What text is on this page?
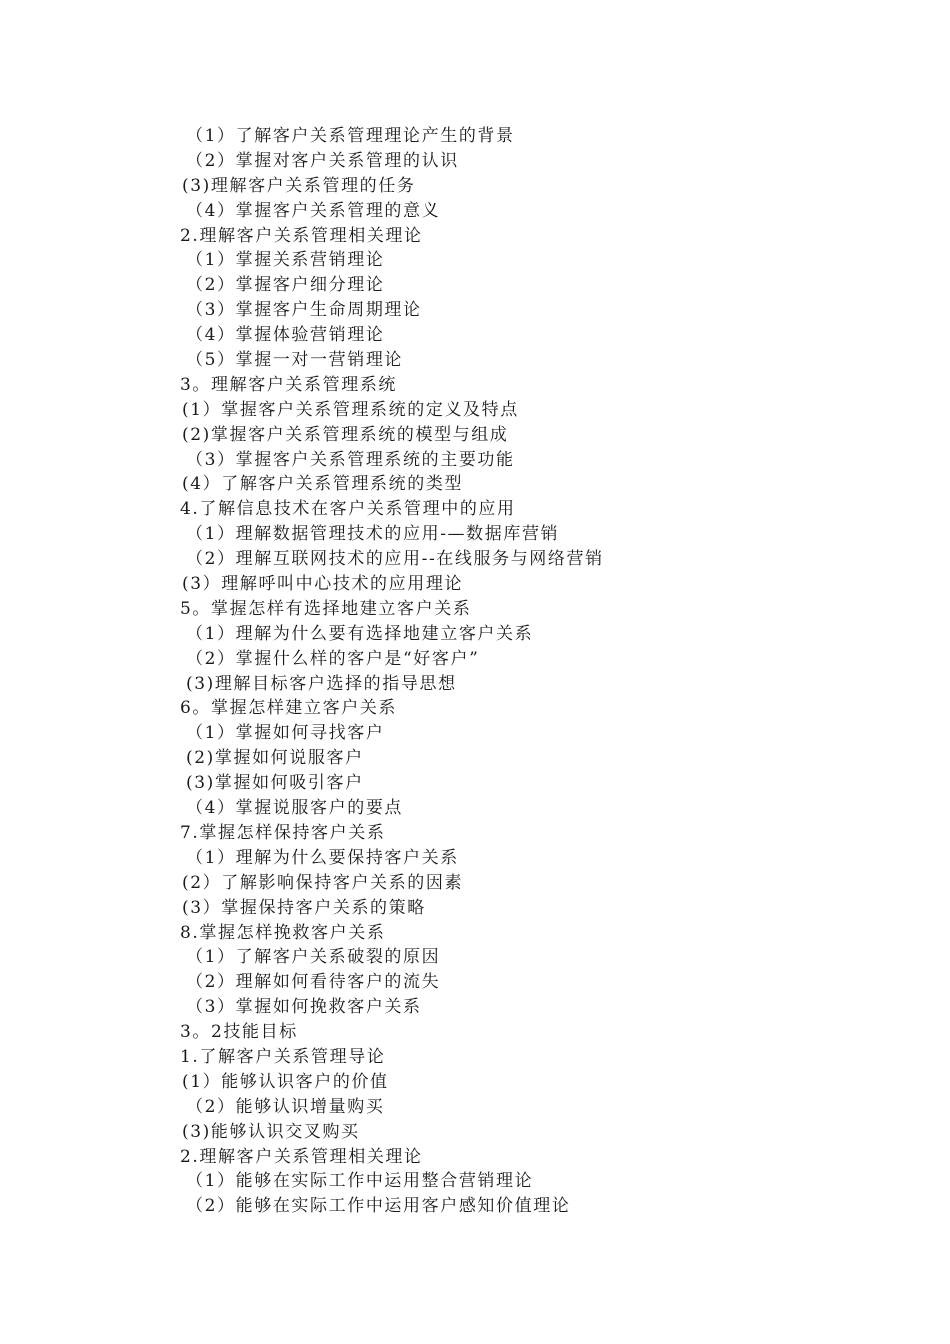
（1）了解客户关系管理理论产生的背景
（2）掌握对客户关系管理的认识
(3)理解客户关系管理的任务
（4）掌握客户关系管理的意义
2.理解客户关系管理相关理论
（1）掌握关系营销理论
（2）掌握客户细分理论
（3）掌握客户生命周期理论
（4）掌握体验营销理论
（5）掌握一对一营销理论
3。理解客户关系管理系统
(1）掌握客户关系管理系统的定义及特点
(2)掌握客户关系管理系统的模型与组成
（3）掌握客户关系管理系统的主要功能
(4）了解客户关系管理系统的类型
4.了解信息技术在客户关系管理中的应用
（1）理解数据管理技术的应用-—数据库营销
（2）理解互联网技术的应用--在线服务与网络营销
(3）理解呼叫中心技术的应用理论
5。掌握怎样有选择地建立客户关系
（1）理解为什么要有选择地建立客户关系
（2）掌握什么样的客户是“好客户”
(3)理解目标客户选择的指导思想
6。掌握怎样建立客户关系
（1）掌握如何寻找客户
(2)掌握如何说服客户
(3)掌握如何吸引客户
（4）掌握说服客户的要点
7.掌握怎样保持客户关系
（1）理解为什么要保持客户关系
(2）了解影响保持客户关系的因素
(3）掌握保持客户关系的策略
8.掌握怎样挽救客户关系
（1）了解客户关系破裂的原因
（2）理解如何看待客户的流失
（3）掌握如何挽救客户关系
3。2技能目标
1.了解客户关系管理导论
(1）能够认识客户的价值
（2）能够认识增量购买
(3)能够认识交叉购买
2.理解客户关系管理相关理论
（1）能够在实际工作中运用整合营销理论
（2）能够在实际工作中运用客户感知价值理论
